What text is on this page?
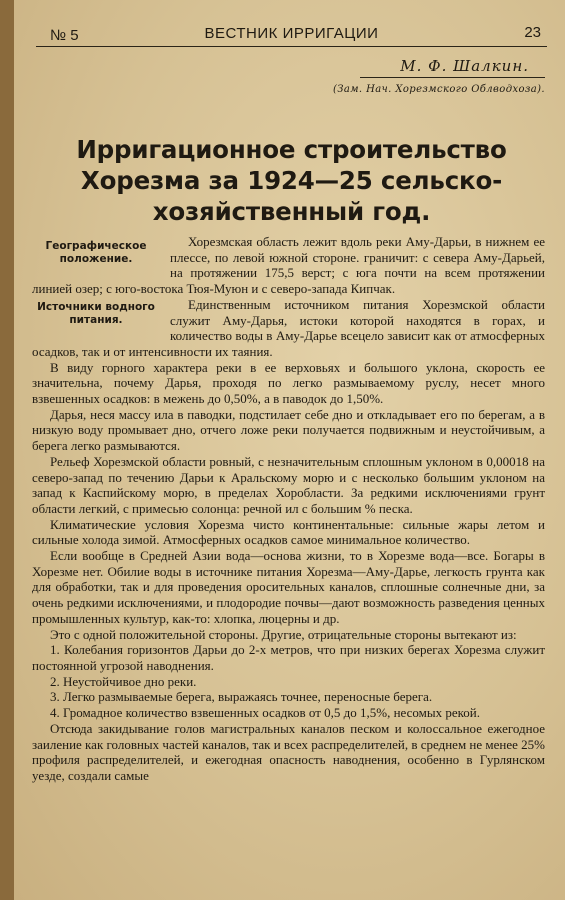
№ 5	ВЕСТНИК ИРРИГАЦИИ	23
М. Ф. Шалкин.
(Зам. Нач. Хорезмского Облводхоза).
Ирригационное строительство Хорезма за 1924—25 сельско-хозяйственный год.
Географическое положение.

Хорезмская область лежит вдоль реки Аму-Дарьи, в нижнем ее плессе, по левой южной стороне. граничит: с севера Аму-Дарьей, на протяжении 175,5 верст; с юга почти на всем протяжении линией озер; с юго-востока Тюя-Муюн и с северо-запада Кипчак.

Источники водного питания.

Единственным источником питания Хорезмской области служит Аму-Дарья, истоки которой находятся в горах, и количество воды в Аму-Дарье всецело зависит как от атмосферных осадков, так и от интенсивности их таяния.

В виду горного характера реки в ее верховьях и большого уклона, скорость ее значительна, почему Дарья, проходя по легко размываемому руслу, несет много взвешенных осадков: в межень до 0,50%, а в паводок до 1,50%.

Дарья, неся массу ила в паводки, подстилает себе дно и откладывает его по берегам, а в низкую воду промывает дно, отчего ложе реки получается подвижным и неустойчивым, а берега легко размываются.

Рельеф Хорезмской области ровный, с незначительным сплошным уклоном в 0,00018 на северо-запад по течению Дарьи к Аральскому морю и с несколько большим уклоном на запад к Каспийскому морю, в пределах Хоробласти. За редкими исключениями грунт области легкий, с примесью солонца: речной ил с большим % песка.

Климатические условия Хорезма чисто континентальные: сильные жары летом и сильные холода зимой. Атмосферных осадков самое минимальное количество.

Если вообще в Средней Азии вода—основа жизни, то в Хорезме вода—все. Богары в Хорезме нет. Обилие воды в источнике питания Хорезма—Аму-Дарье, легкость грунта как для обработки, так и для проведения оросительных каналов, сплошные солнечные дни, за очень редкими исключениями, и плодородие почвы—дают возможность разведения ценных промышленных культур, как-то: хлопка, люцерны и др.

Это с одной положительной стороны. Другие, отрицательные стороны вытекают из:

1. Колебания горизонтов Дарьи до 2-х метров, что при низких берегах Хорезма служит постоянной угрозой наводнения.

2. Неустойчивое дно реки.

3. Легко размываемые берега, выражаясь точнее, переносные берега.

4. Громадное количество взвешенных осадков от 0,5 до 1,5%, несомых рекой.

Отсюда закидывание голов магистральных каналов песком и колоссальное ежегодное заиление как головных частей каналов, так и всех распределителей, в среднем не менее 25% профиля распределителей, и ежегодная опасность наводнения, особенно в Гурлянском уезде, создали самые
